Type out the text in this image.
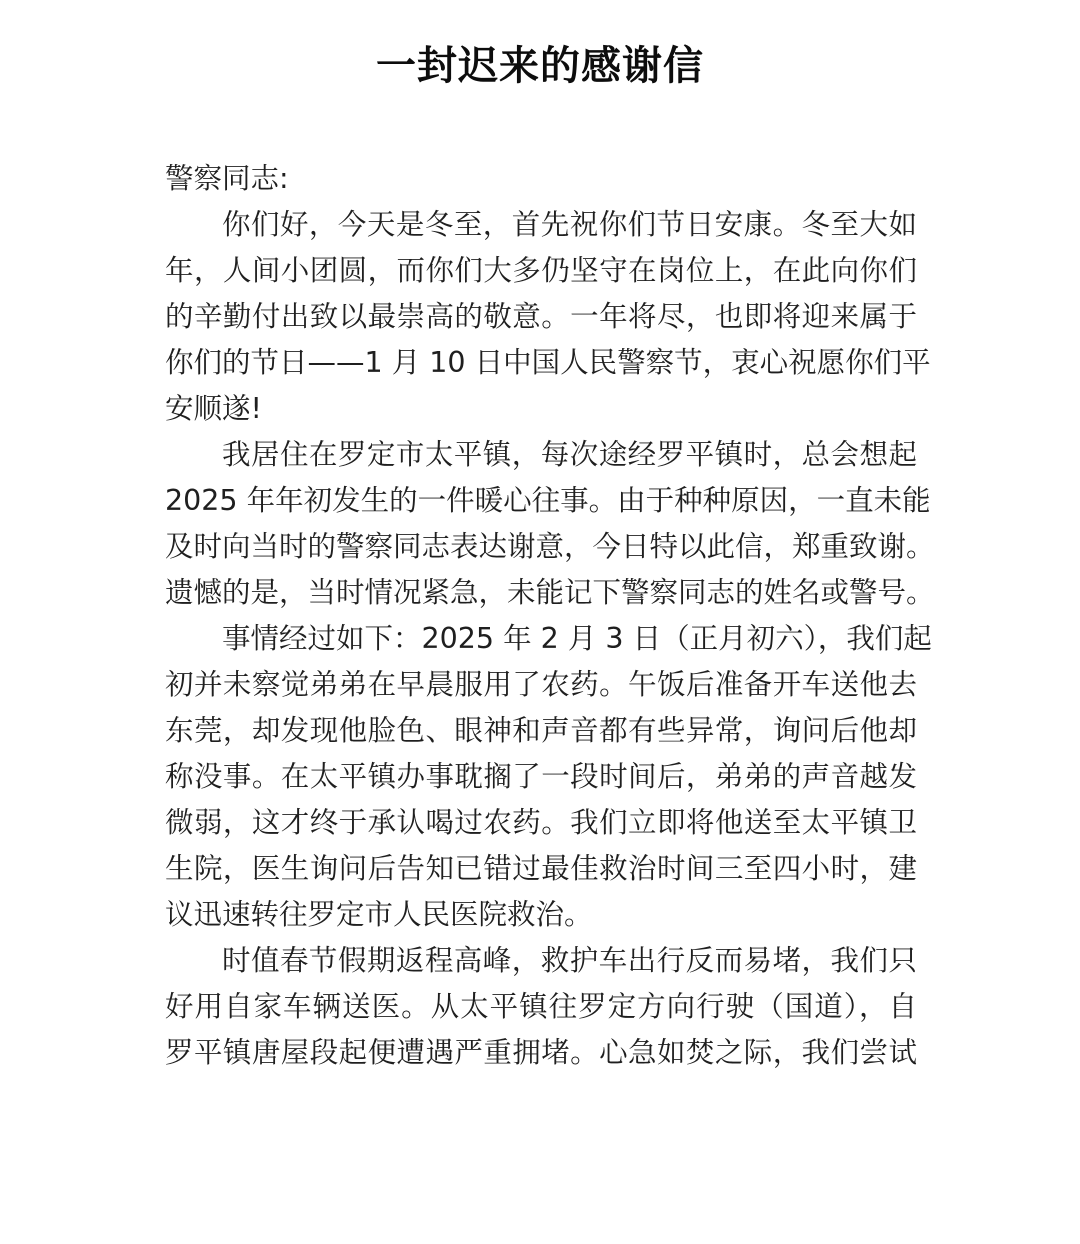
一封迟来的感谢信
警察同志:
你们好，今天是冬至，首先祝你们节日安康。冬至大如
年，人间小团圆，而你们大多仍坚守在岗位上，在此向你们
的辛勤付出致以最崇高的敬意。一年将尽，也即将迎来属于
你们的节日——1 月 10 日中国人民警察节，衷心祝愿你们平
安顺遂!
我居住在罗定市太平镇，每次途经罗平镇时，总会想起
2025 年年初发生的一件暖心往事。由于种种原因，一直未能
及时向当时的警察同志表达谢意，今日特以此信，郑重致谢。
遗憾的是，当时情况紧急，未能记下警察同志的姓名或警号。
事情经过如下：2025 年 2 月 3 日（正月初六），我们起
初并未察觉弟弟在早晨服用了农药。午饭后准备开车送他去
东莞，却发现他脸色、眼神和声音都有些异常，询问后他却
称没事。在太平镇办事耽搁了一段时间后，弟弟的声音越发
微弱，这才终于承认喝过农药。我们立即将他送至太平镇卫
生院，医生询问后告知已错过最佳救治时间三至四小时，建
议迅速转往罗定市人民医院救治。
时值春节假期返程高峰，救护车出行反而易堵，我们只
好用自家车辆送医。从太平镇往罗定方向行驶（国道），自
罗平镇唐屋段起便遭遇严重拥堵。心急如焚之际，我们尝试
